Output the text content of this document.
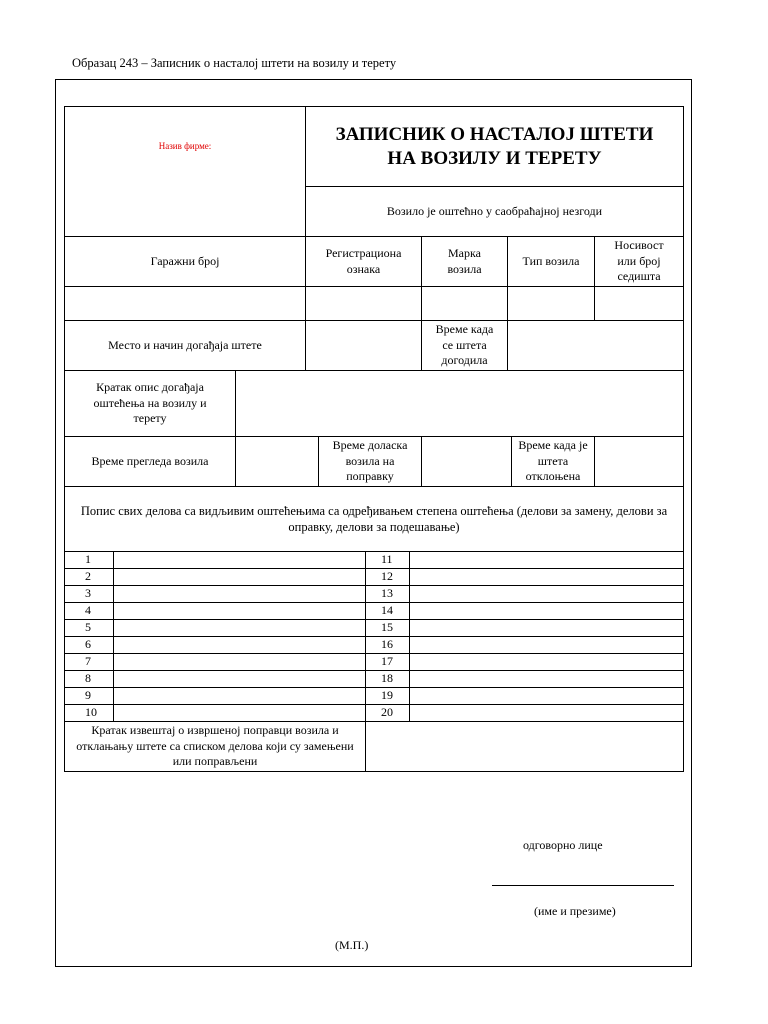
Образац 243 – Записник о насталој штети на возилу и терету
Назив фирме:
ЗАПИСНИК О НАСТАЛОЈ ШТЕТИ НА ВОЗИЛУ И ТЕРЕТУ
Возило је оштећно у саобраћајној незгоди
Гаражни број
Регистрациона ознака
Марка возила
Тип возила
Носивост или број седишта
Место и начин догађаја штете
Време када се штета догодила
Кратак опис догађаја оштећења на возилу и терету
Време прегледа возила
Време доласка возила на поправку
Време када је штета отклоњена
Попис свих делова са видљивим оштећењима са одређивањем степена оштећења (делови за замену, делови за оправку, делови за подешавање)
1
2
3
4
5
6
7
8
9
10
11
12
13
14
15
16
17
18
19
20
Кратак извештај о извршеној поправци возила и отклањању штете са списком делова који су замењени или поправљени
одговорно лице
(име и презиме)
(М.П.)
